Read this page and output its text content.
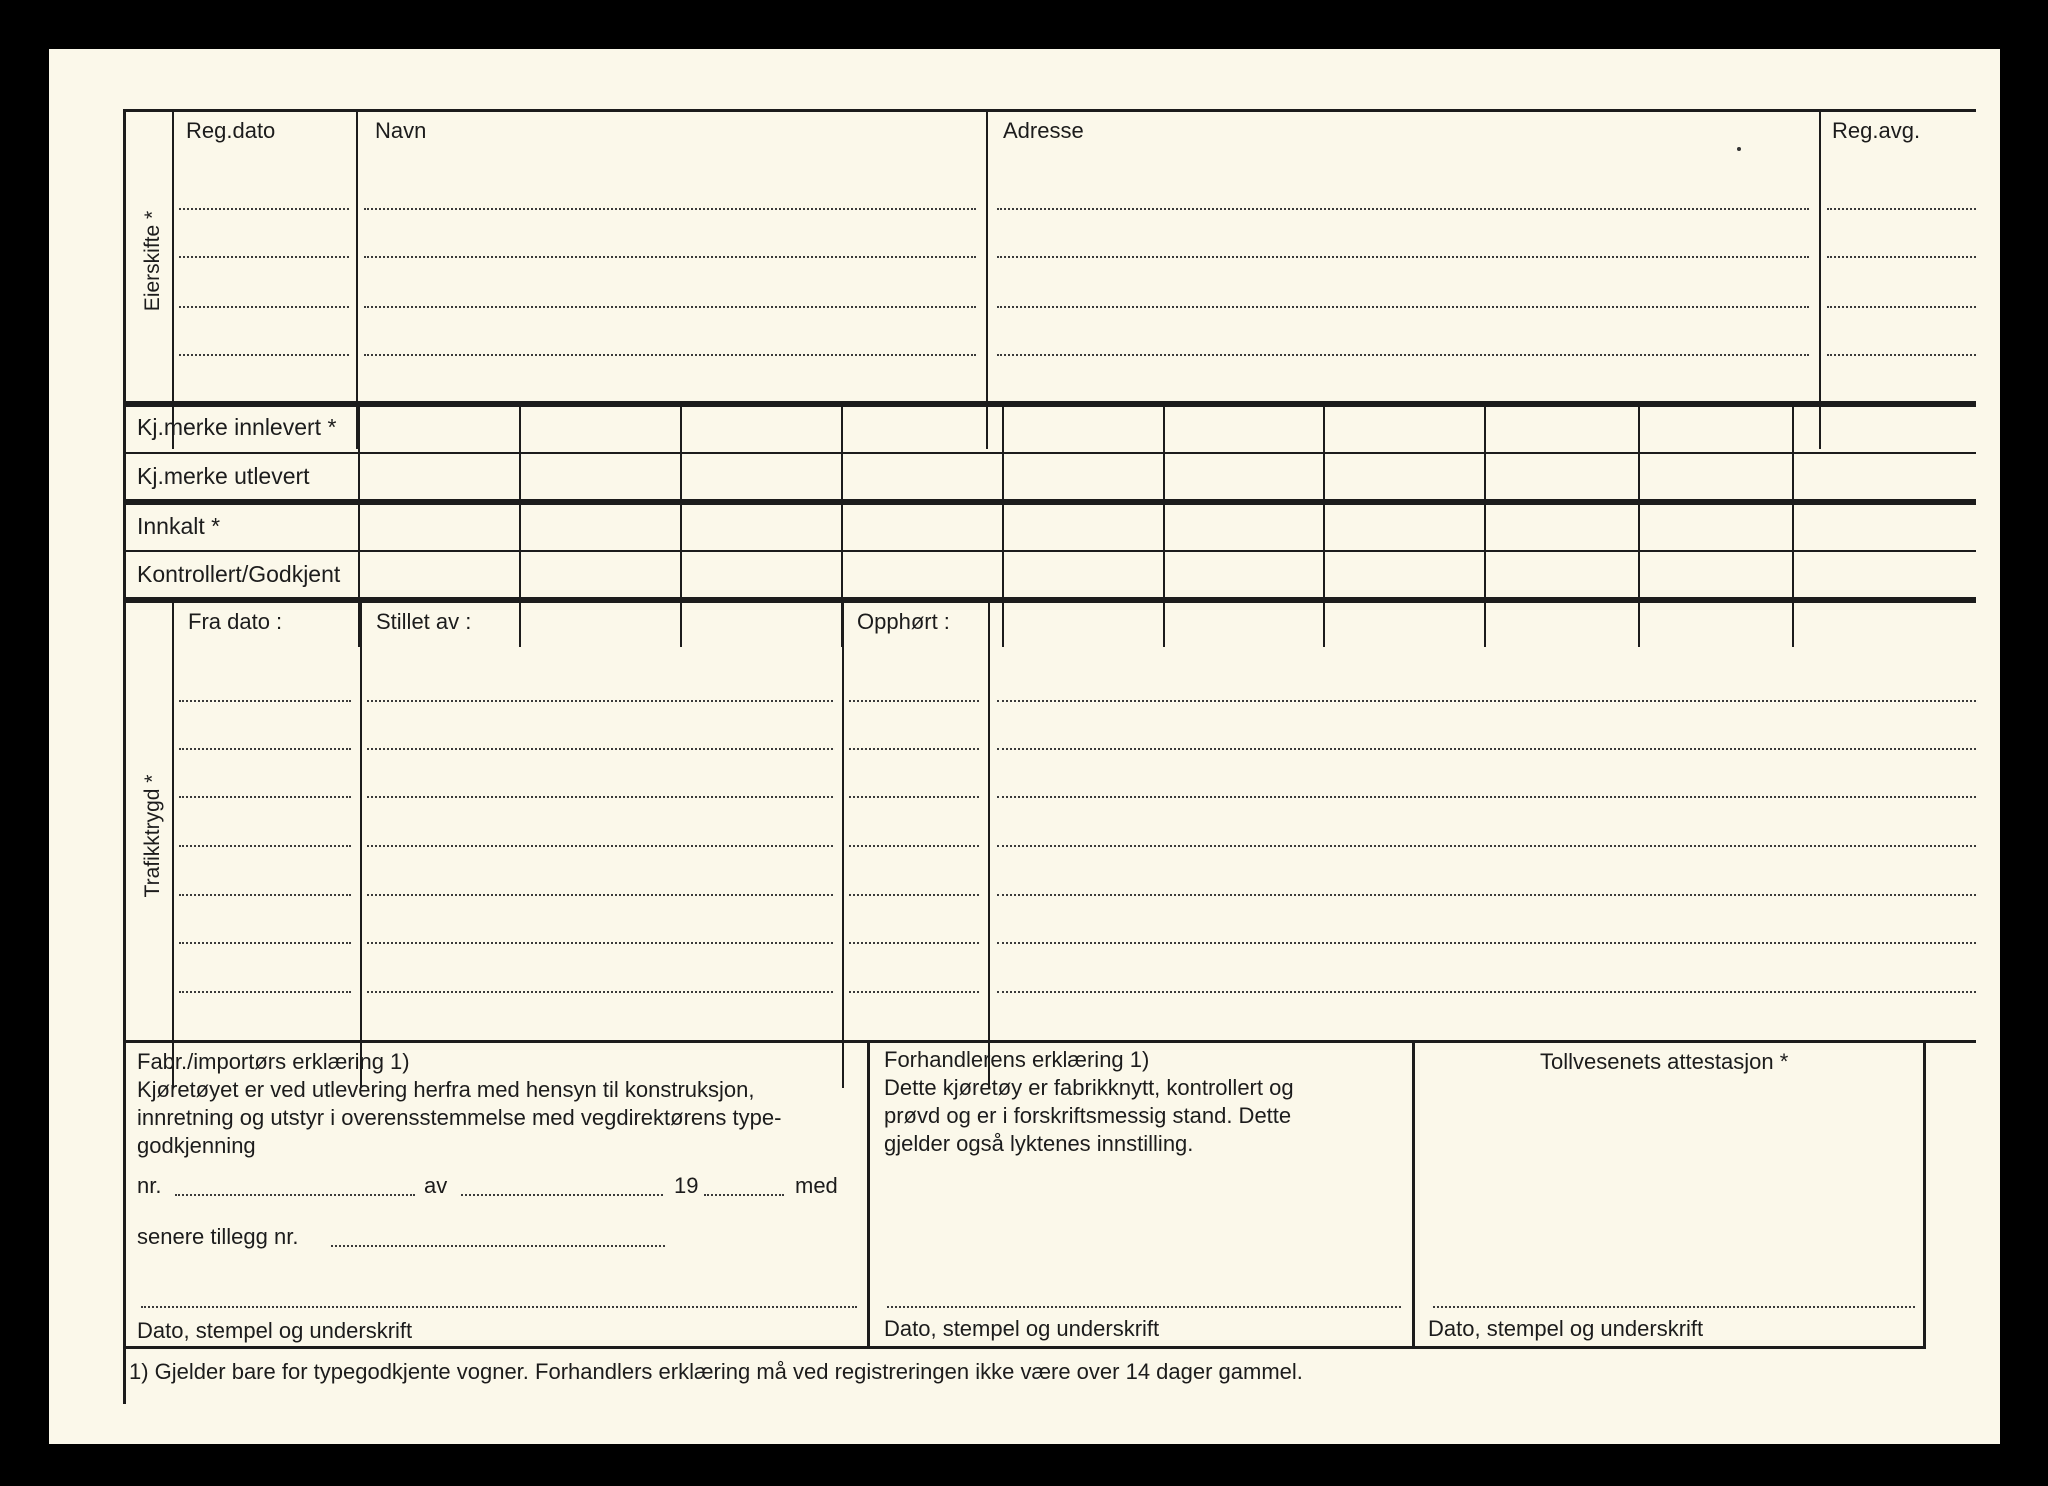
Eierskifte *
Reg.dato	Navn	Adresse	Reg.avg.
Kj.merke innlevert *
Kj.merke utlevert
Innkalt *
Kontrollert/Godkjent
Trafikktrygd *
Fra dato :	Stillet av :	Opphørt :
Fabr./importørs erklæring 1)
Kjøretøyet er ved utlevering herfra med hensyn til konstruksjon,
innretning og utstyr i overensstemmelse med vegdirektørens type-
godkjenning
nr.	av	19	med
senere tillegg nr.
Dato, stempel og underskrift
Forhandlerens erklæring 1)
Dette kjøretøy er fabrikknytt, kontrollert og
prøvd og er i forskriftsmessig stand. Dette
gjelder også lyktenes innstilling.
Dato, stempel og underskrift
Tollvesenets attestasjon *
Dato, stempel og underskrift
1) Gjelder bare for typegodkjente vogner. Forhandlers erklæring må ved registreringen ikke være over 14 dager gammel.
